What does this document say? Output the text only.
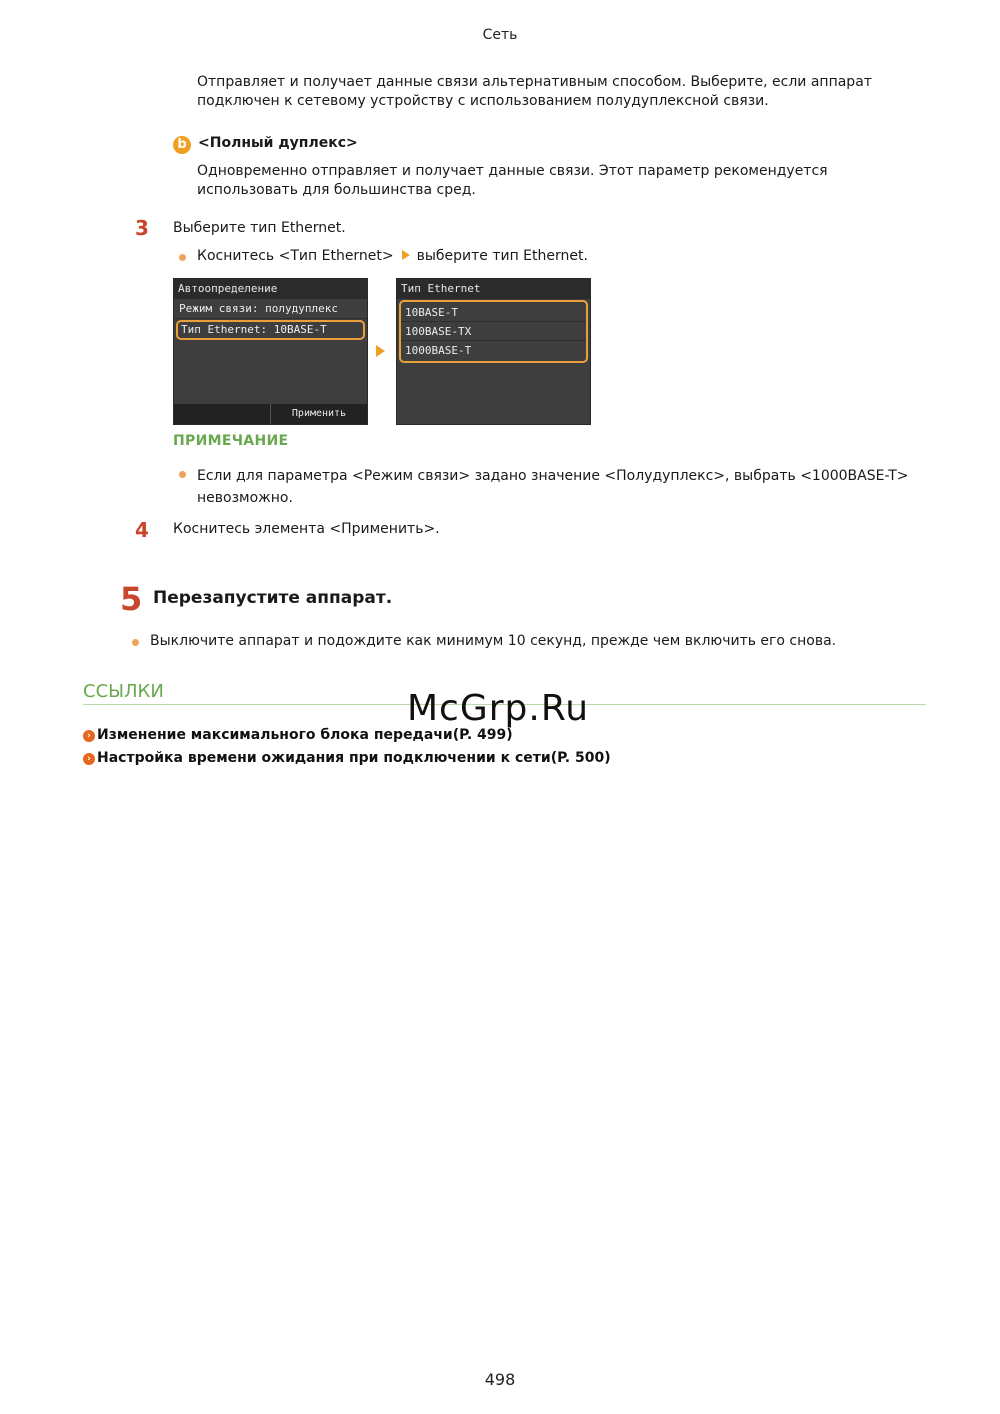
Сеть
Отправляет и получает данные связи альтернативным способом. Выберите, если аппарат
подключен к сетевому устройству с использованием полудуплексной связи.
b <Полный дуплекс>
Одновременно отправляет и получает данные связи. Этот параметр рекомендуется
использовать для большинства сред.
3 Выберите тип Ethernet.
Коснитесь <Тип Ethernet> выберите тип Ethernet.
Автоопределение
Режим связи: полудуплекс
Тип Ethernet: 10BASE-T
Применить
Тип Ethernet
10BASE-T
100BASE-TX
1000BASE-T
ПРИМЕЧАНИЕ
Если для параметра <Режим связи> задано значение <Полудуплекс>, выбрать <1000BASE-T>
невозможно.
4 Коснитесь элемента <Применить>.
5 Перезапустите аппарат.
Выключите аппарат и подождите как минимум 10 секунд, прежде чем включить его снова.
ССЫЛКИ	McGrp.Ru
› Изменение максимального блока передачи(P. 499)
› Настройка времени ожидания при подключении к сети(P. 500)
498
